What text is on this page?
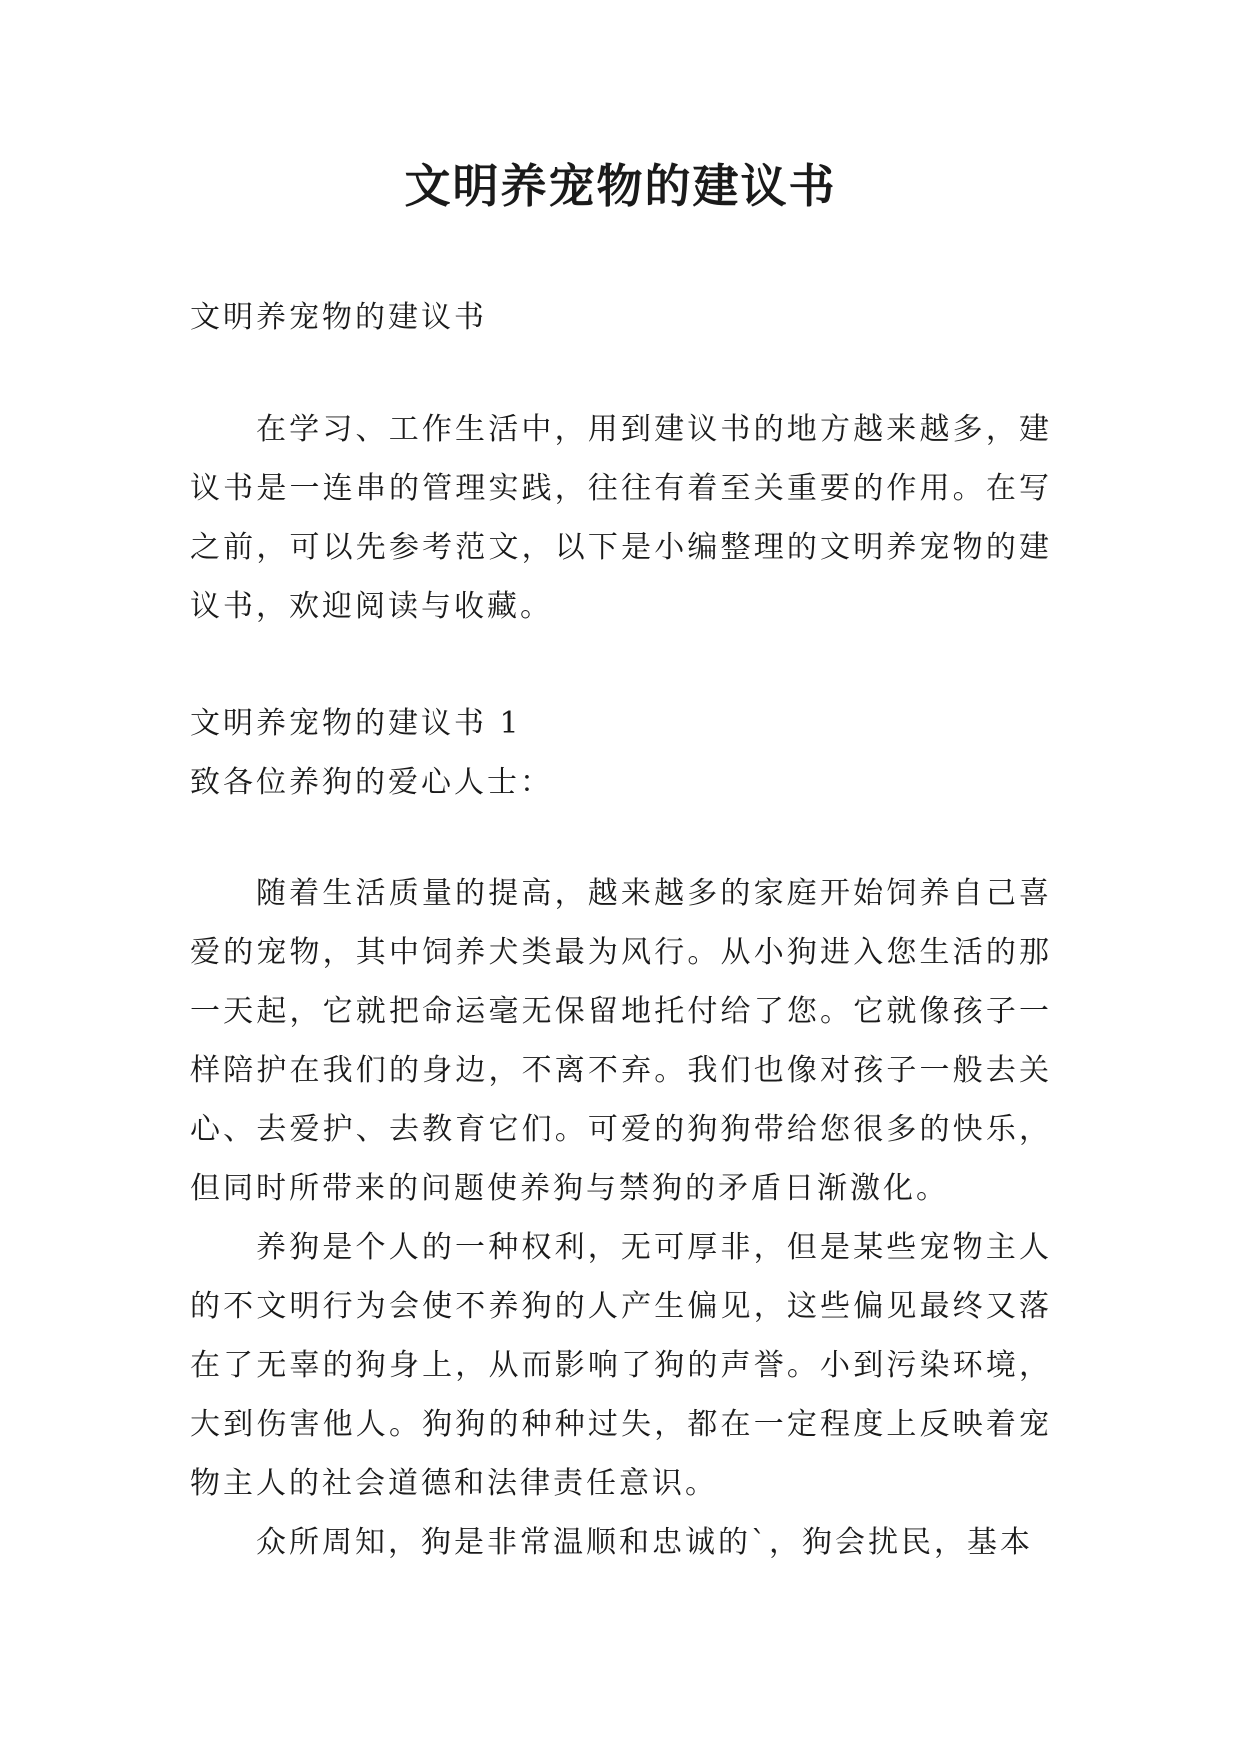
文明养宠物的建议书

文明养宠物的建议书

在学习、工作生活中，用到建议书的地方越来越多，建议书是一连串的管理实践，往往有着至关重要的作用。在写之前，可以先参考范文，以下是小编整理的文明养宠物的建议书，欢迎阅读与收藏。

文明养宠物的建议书 1

致各位养狗的爱心人士：

随着生活质量的提高，越来越多的家庭开始饲养自己喜爱的宠物，其中饲养犬类最为风行。从小狗进入您生活的那一天起，它就把命运毫无保留地托付给了您。它就像孩子一样陪护在我们的身边，不离不弃。我们也像对孩子一般去关心、去爱护、去教育它们。可爱的狗狗带给您很多的快乐，但同时所带来的问题使养狗与禁狗的矛盾日渐激化。

养狗是个人的一种权利，无可厚非，但是某些宠物主人的不文明行为会使不养狗的人产生偏见，这些偏见最终又落在了无辜的狗身上，从而影响了狗的声誉。小到污染环境，大到伤害他人。狗狗的种种过失，都在一定程度上反映着宠物主人的社会道德和法律责任意识。

众所周知，狗是非常温顺和忠诚的`，狗会扰民，基本
